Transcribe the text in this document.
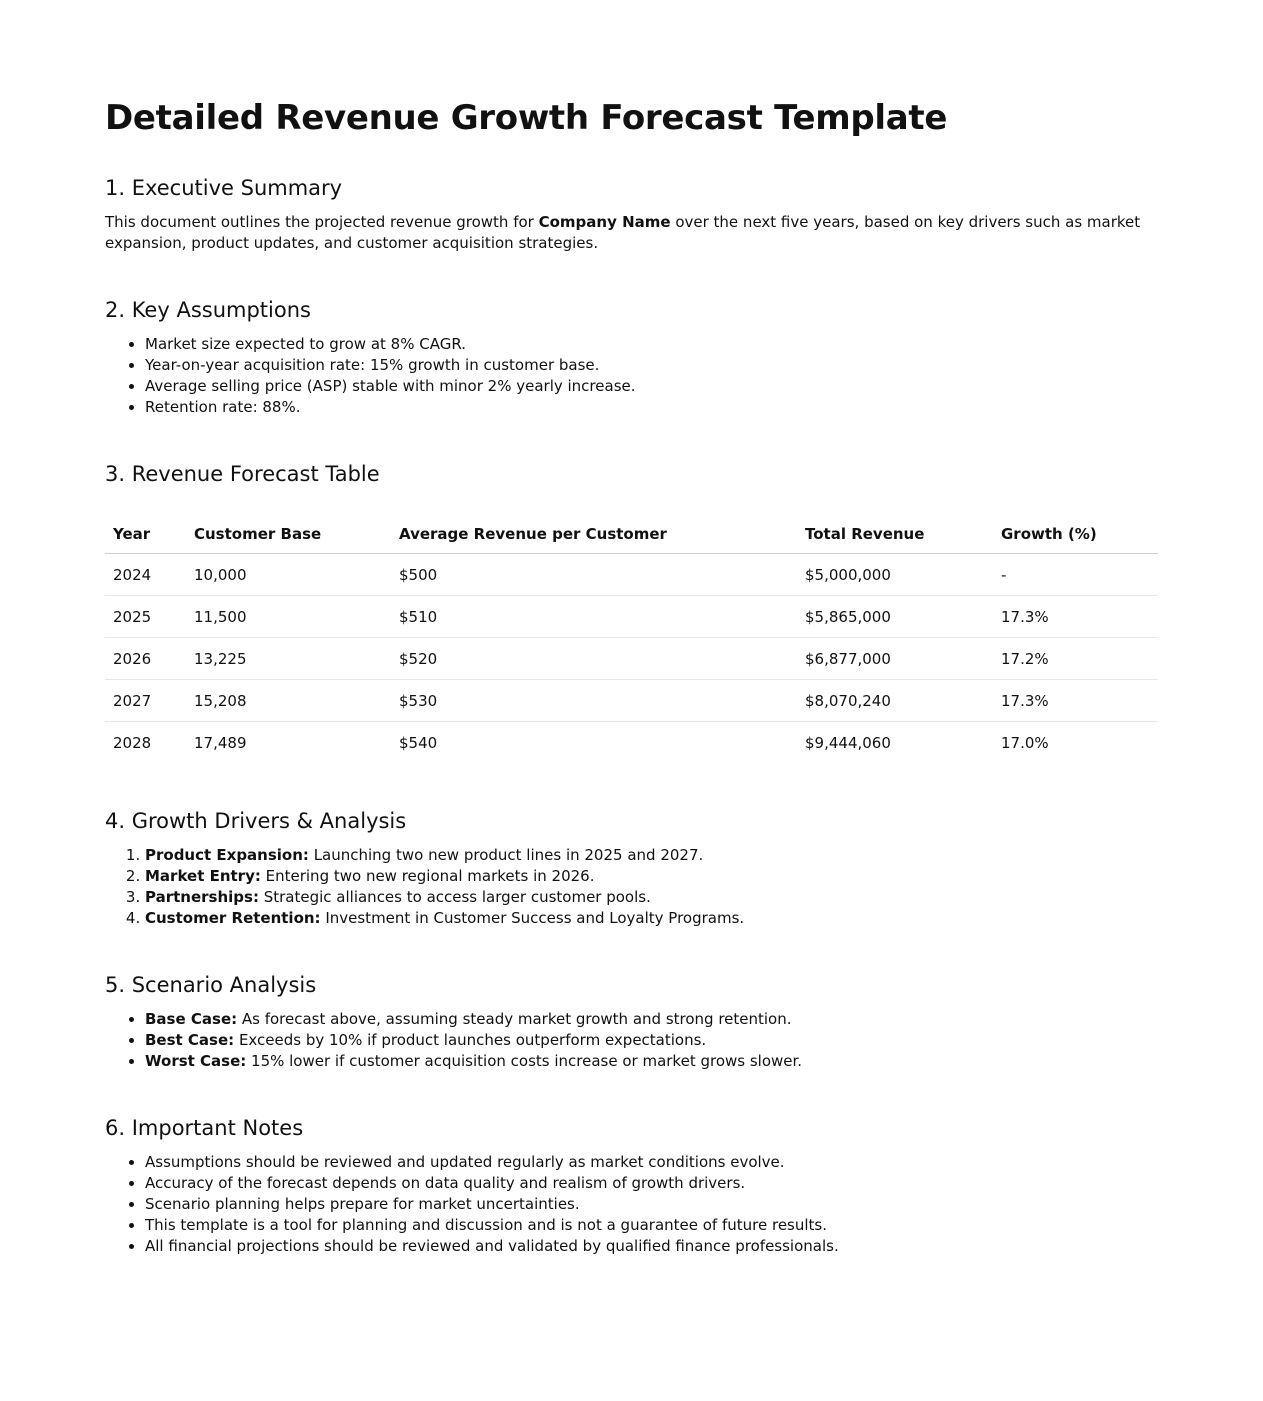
Detailed Revenue Growth Forecast Template
1. Executive Summary

This document outlines the projected revenue growth for Company Name over the next five years, based on key drivers such as market expansion, product updates, and customer acquisition strategies.

2. Key Assumptions
• Market size expected to grow at 8% CAGR.
• Year-on-year acquisition rate: 15% growth in customer base.
• Average selling price (ASP) stable with minor 2% yearly increase.
• Retention rate: 88%.
3. Revenue Forecast Table
Year	Customer Base	Average Revenue per Customer	Total Revenue	Growth (%)
2024	10,000	$500	$5,000,000	-
2025	11,500	$510	$5,865,000	17.3%
2026	13,225	$520	$6,877,000	17.2%
2027	15,208	$530	$8,070,240	17.3%
2028	17,489	$540	$9,444,060	17.0%
4. Growth Drivers & Analysis
1. Product Expansion: Launching two new product lines in 2025 and 2027.
2. Market Entry: Entering two new regional markets in 2026.
3. Partnerships: Strategic alliances to access larger customer pools.
4. Customer Retention: Investment in Customer Success and Loyalty Programs.
5. Scenario Analysis
• Base Case: As forecast above, assuming steady market growth and strong retention.
• Best Case: Exceeds by 10% if product launches outperform expectations.
• Worst Case: 15% lower if customer acquisition costs increase or market grows slower.
6. Important Notes
• Assumptions should be reviewed and updated regularly as market conditions evolve.
• Accuracy of the forecast depends on data quality and realism of growth drivers.
• Scenario planning helps prepare for market uncertainties.
• This template is a tool for planning and discussion and is not a guarantee of future results.
• All financial projections should be reviewed and validated by qualified finance professionals.
